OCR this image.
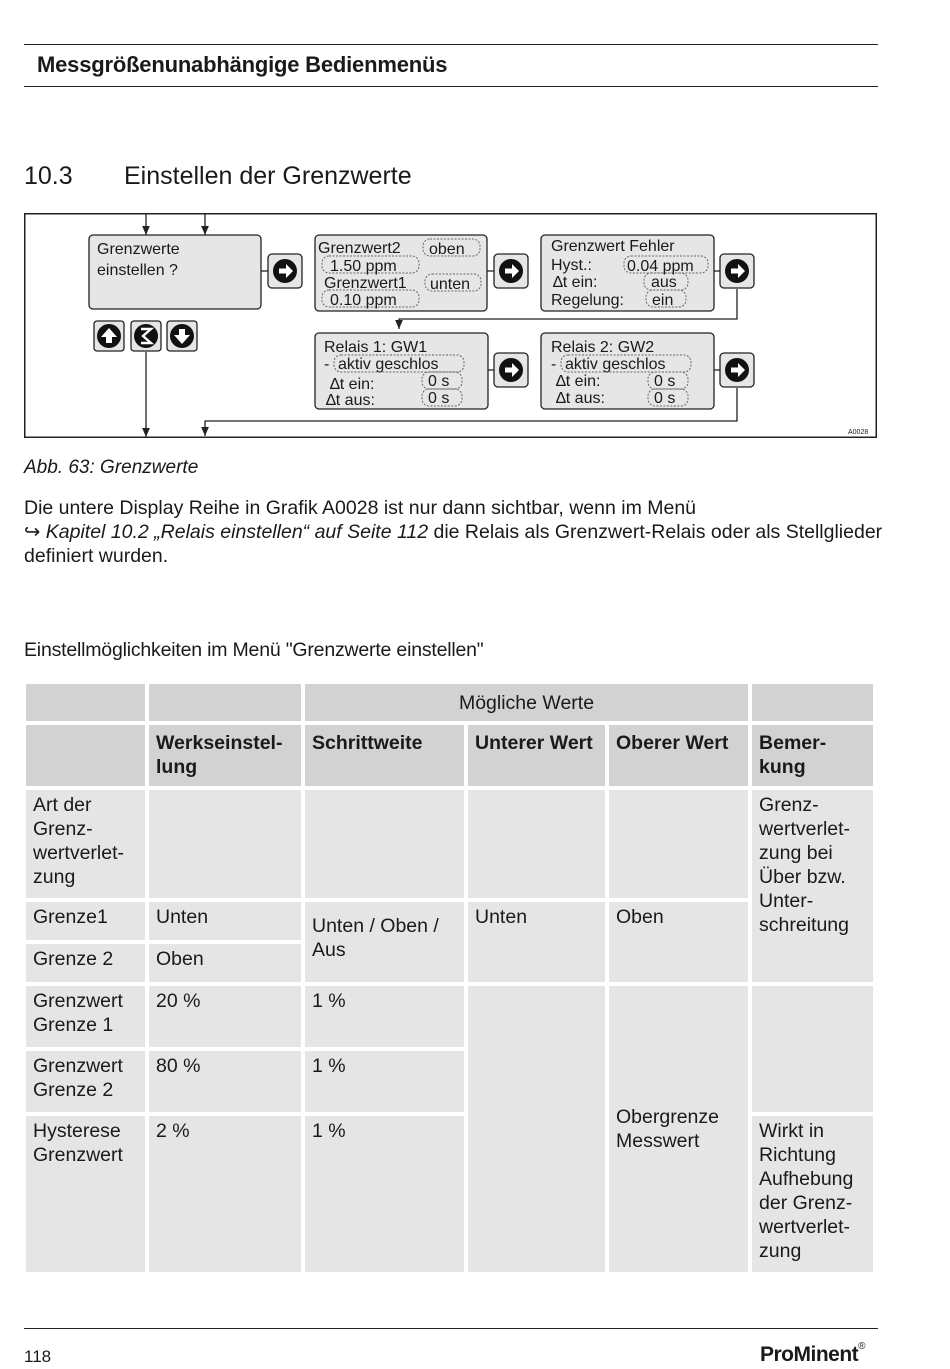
Messgrößenunabhängige Bedienmenüs
10.3 Einstellen der Grenzwerte
Grenzwerte
einstellen ?
Grenzwert2 oben
1.50 ppm
Grenzwert1 unten
0.10 ppm
Grenzwert Fehler
Hyst.: 0.04 ppm
∆t ein:	aus
Regelung: ein
Relais 1: GW1
- aktiv geschlos
∆t ein:	0 s
∆t aus:	0 s
Relais 2: GW2
- aktiv geschlos
∆t ein:	0 s
∆t aus:	0 s
A0028
Abb. 63: Grenzwerte
Die untere Display Reihe in Grafik A0028 ist nur dann sichtbar, wenn im Menü
↪ Kapitel 10.2 „Relais einstellen“ auf Seite 112 die Relais als Grenzwert-Relais oder als Stellglieder definiert wurden.
Einstellmöglichkeiten im Menü "Grenzwerte einstellen"
		Mögliche Werte			
	Werkseinstel-lung	Schrittweite	Unterer Wert	Oberer Wert	Bemer-kung
Art der Grenz-wertverlet-zung					Grenz-wertverlet-zung bei Über bzw. Unter-schreitung
Grenze1	Unten	Unten / Oben / Aus	Unten	Oben	
Grenze 2	Oben				
Grenzwert Grenze 1	20 %	1 %		Obergrenze Messwert	
Grenzwert Grenze 2	80 %	1 %			
Hysterese Grenzwert	2 %	1 %			Wirkt in Richtung Aufhebung der Grenz-wertverlet-zung
118	ProMinent®
